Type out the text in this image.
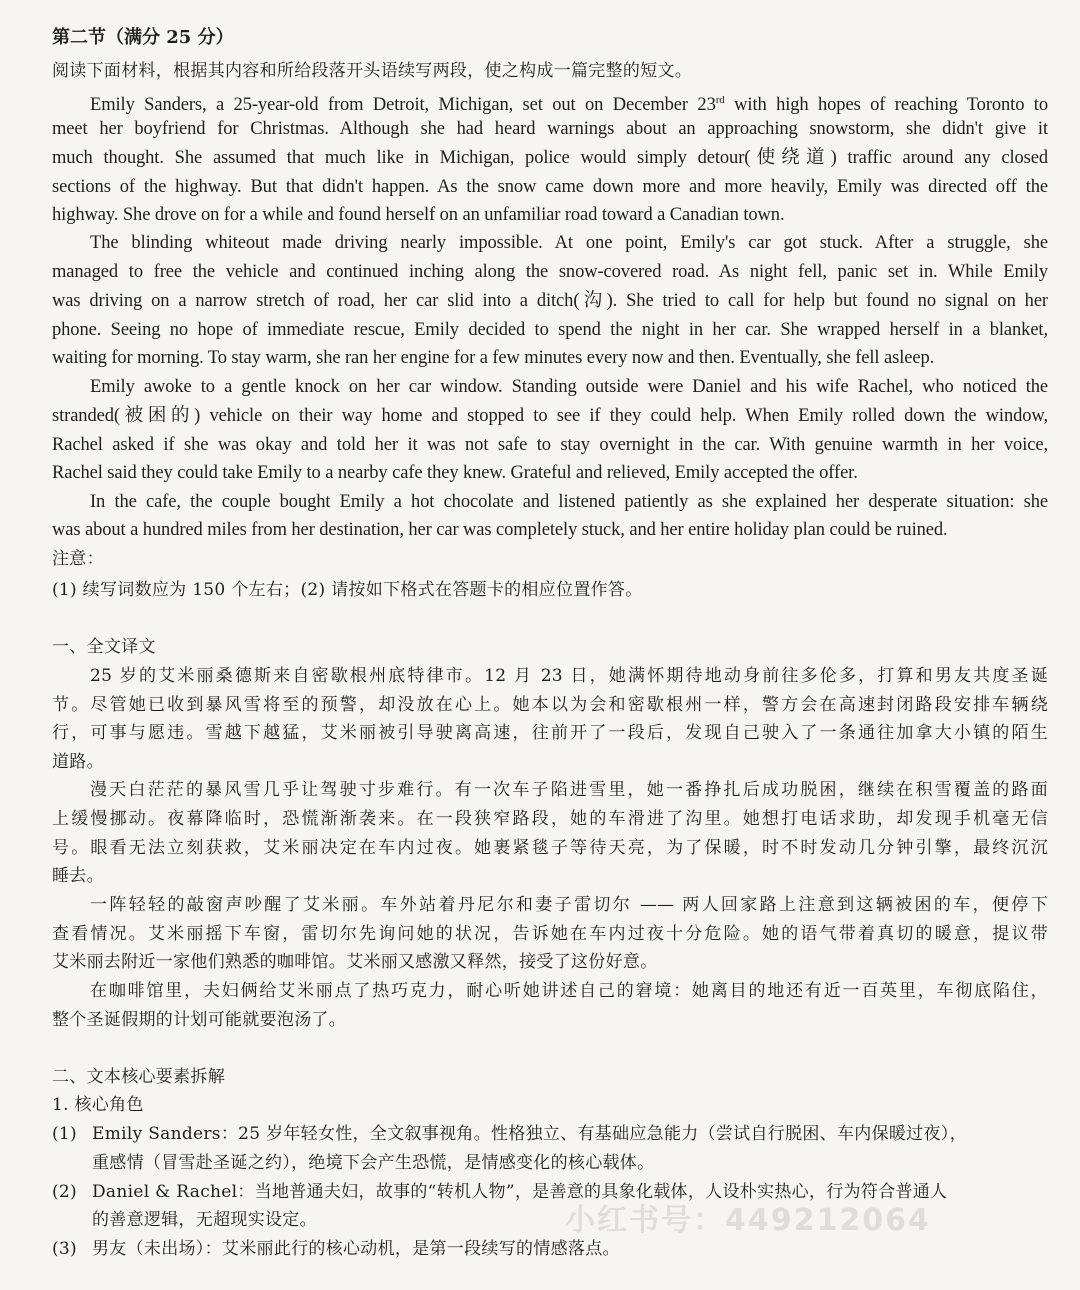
第二节（满分 25 分）
阅读下面材料，根据其内容和所给段落开头语续写两段，使之构成一篇完整的短文。
Emily Sanders, a 25-year-old from Detroit, Michigan, set out on December 23rd with high hopes of reaching Toronto to
meet her boyfriend for Christmas. Although she had heard warnings about an approaching snowstorm, she didn't give it
much thought. She assumed that much like in Michigan, police would simply detour(使绕道) traffic around any closed
sections of the highway. But that didn't happen. As the snow came down more and more heavily, Emily was directed off the
highway. She drove on for a while and found herself on an unfamiliar road toward a Canadian town.
The blinding whiteout made driving nearly impossible. At one point, Emily's car got stuck. After a struggle, she
managed to free the vehicle and continued inching along the snow-covered road. As night fell, panic set in. While Emily
was driving on a narrow stretch of road, her car slid into a ditch(沟). She tried to call for help but found no signal on her
phone. Seeing no hope of immediate rescue, Emily decided to spend the night in her car. She wrapped herself in a blanket,
waiting for morning. To stay warm, she ran her engine for a few minutes every now and then. Eventually, she fell asleep.
Emily awoke to a gentle knock on her car window. Standing outside were Daniel and his wife Rachel, who noticed the
stranded(被困的) vehicle on their way home and stopped to see if they could help. When Emily rolled down the window,
Rachel asked if she was okay and told her it was not safe to stay overnight in the car. With genuine warmth in her voice,
Rachel said they could take Emily to a nearby cafe they knew. Grateful and relieved, Emily accepted the offer.
In the cafe, the couple bought Emily a hot chocolate and listened patiently as she explained her desperate situation: she
was about a hundred miles from her destination, her car was completely stuck, and her entire holiday plan could be ruined.
注意：
(1) 续写词数应为 150 个左右；(2) 请按如下格式在答题卡的相应位置作答。
一、全文译文
25 岁的艾米丽桑德斯来自密歇根州底特律市。12 月 23 日，她满怀期待地动身前往多伦多，打算和男友共度圣诞
节。尽管她已收到暴风雪将至的预警，却没放在心上。她本以为会和密歇根州一样，警方会在高速封闭路段安排车辆绕
行，可事与愿违。雪越下越猛，艾米丽被引导驶离高速，往前开了一段后，发现自己驶入了一条通往加拿大小镇的陌生
道路。
漫天白茫茫的暴风雪几乎让驾驶寸步难行。有一次车子陷进雪里，她一番挣扎后成功脱困，继续在积雪覆盖的路面
上缓慢挪动。夜幕降临时，恐慌渐渐袭来。在一段狭窄路段，她的车滑进了沟里。她想打电话求助，却发现手机毫无信
号。眼看无法立刻获救，艾米丽决定在车内过夜。她裹紧毯子等待天亮，为了保暖，时不时发动几分钟引擎，最终沉沉
睡去。
一阵轻轻的敲窗声吵醒了艾米丽。车外站着丹尼尔和妻子雷切尔 —— 两人回家路上注意到这辆被困的车，便停下
查看情况。艾米丽摇下车窗，雷切尔先询问她的状况，告诉她在车内过夜十分危险。她的语气带着真切的暖意，提议带
艾米丽去附近一家他们熟悉的咖啡馆。艾米丽又感激又释然，接受了这份好意。
在咖啡馆里，夫妇俩给艾米丽点了热巧克力，耐心听她讲述自己的窘境：她离目的地还有近一百英里，车彻底陷住，
整个圣诞假期的计划可能就要泡汤了。
二、文本核心要素拆解
1. 核心角色
(1) Emily Sanders：25 岁年轻女性，全文叙事视角。性格独立、有基础应急能力（尝试自行脱困、车内保暖过夜），
重感情（冒雪赴圣诞之约），绝境下会产生恐慌，是情感变化的核心载体。
(2) Daniel & Rachel：当地普通夫妇，故事的“转机人物”，是善意的具象化载体，人设朴实热心，行为符合普通人
的善意逻辑，无超现实设定。
(3) 男友（未出场）：艾米丽此行的核心动机，是第一段续写的情感落点。
小红书号：449212064
